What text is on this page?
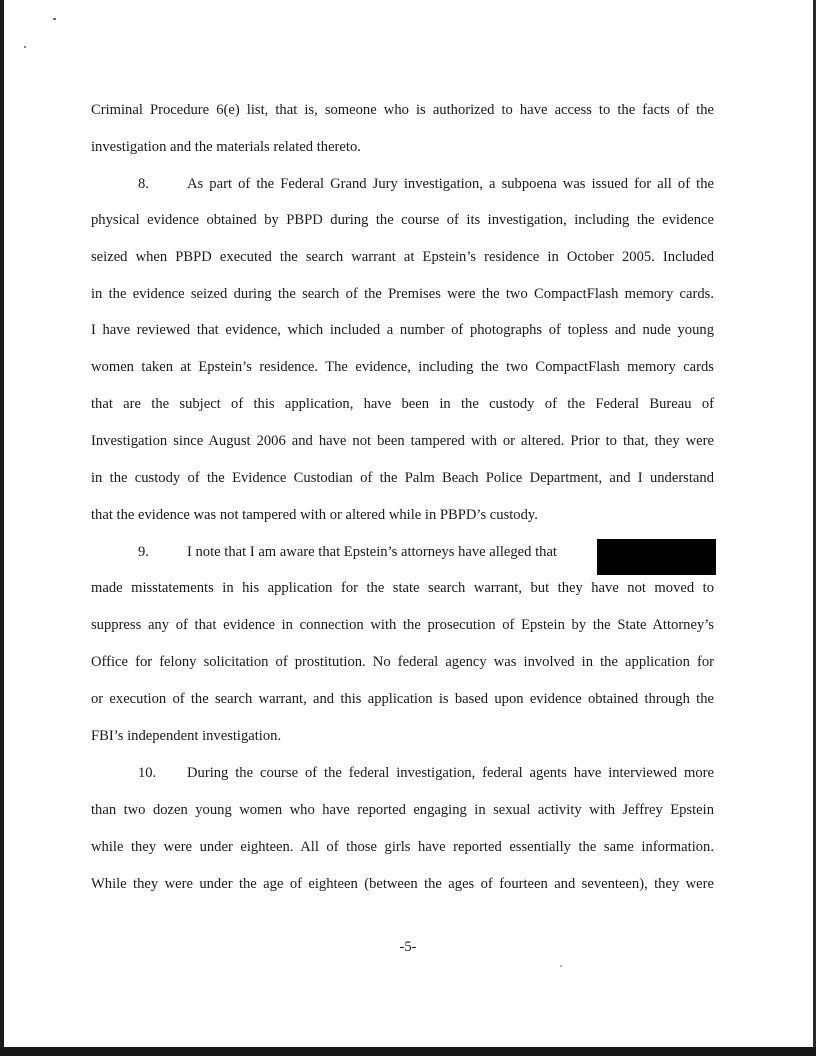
Criminal Procedure 6(e) list, that is, someone who is authorized to have access to the facts of the
investigation and the materials related thereto.
8.	As part of the Federal Grand Jury investigation, a subpoena was issued for all of the
physical evidence obtained by PBPD during the course of its investigation, including the evidence
seized when PBPD executed the search warrant at Epstein’s residence in October 2005. Included
in the evidence seized during the search of the Premises were the two CompactFlash memory cards.
I have reviewed that evidence, which included a number of photographs of topless and nude young
women taken at Epstein’s residence. The evidence, including the two CompactFlash memory cards
that are the subject of this application, have been in the custody of the Federal Bureau of
Investigation since August 2006 and have not been tampered with or altered. Prior to that, they were
in the custody of the Evidence Custodian of the Palm Beach Police Department, and I understand
that the evidence was not tampered with or altered while in PBPD’s custody.
9.	I note that I am aware that Epstein’s attorneys have alleged that
made misstatements in his application for the state search warrant, but they have not moved to
suppress any of that evidence in connection with the prosecution of Epstein by the State Attorney’s
Office for felony solicitation of prostitution. No federal agency was involved in the application for
or execution of the search warrant, and this application is based upon evidence obtained through the
FBI’s independent investigation.
10. During the course of the federal investigation, federal agents have interviewed more
than two dozen young women who have reported engaging in sexual activity with Jeffrey Epstein
while they were under eighteen. All of those girls have reported essentially the same information.
While they were under the age of eighteen (between the ages of fourteen and seventeen), they were
-5-
